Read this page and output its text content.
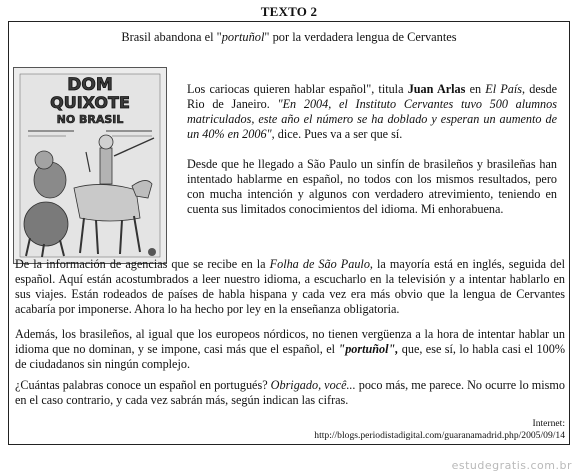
TEXTO 2
Brasil abandona el "portuñol" por la verdadera lengua de Cervantes
DOM
QUIXOTE
NO BRASIL

Los cariocas quieren hablar español", titula Juan Arlas en El País, desde Rio de Janeiro. "En 2004, el Instituto Cervantes tuvo 500 alumnos matriculados, este año el número se ha doblado y esperan un aumento de un 40% en 2006", dice. Pues va a ser que sí.

Desde que he llegado a São Paulo un sinfín de brasileños y brasileñas han intentado hablarme en español, no todos con los mismos resultados, pero con mucha intención y algunos con verdadero atrevimiento, teniendo en cuenta sus limitados conocimientos del idioma. Mi enhorabuena.

De la información de agencias que se recibe en la Folha de São Paulo, la mayoría está en inglés, seguida del español. Aquí están acostumbrados a leer nuestro idioma, a escucharlo en la televisión y a intentar hablarlo en sus viajes. Están rodeados de países de habla hispana y cada vez era más obvio que la lengua de Cervantes acabaría por imponerse. Ahora lo ha hecho por ley en la enseñanza obligatoria.

Además, los brasileños, al igual que los europeos nórdicos, no tienen vergüenza a la hora de intentar hablar un idioma que no dominan, y se impone, casi más que el español, el "portuñol", que, ese sí, lo habla casi el 100% de ciudadanos sin ningún complejo.

¿Cuántas palabras conoce un español en portugués? Obrigado, você... poco más, me parece. No ocurre lo mismo en el caso contrario, y cada vez sabrán más, según indican las cifras.

Internet:
http://blogs.periodistadigital.com/guaranamadrid.php/2005/09/14
estudegratis.com.br
